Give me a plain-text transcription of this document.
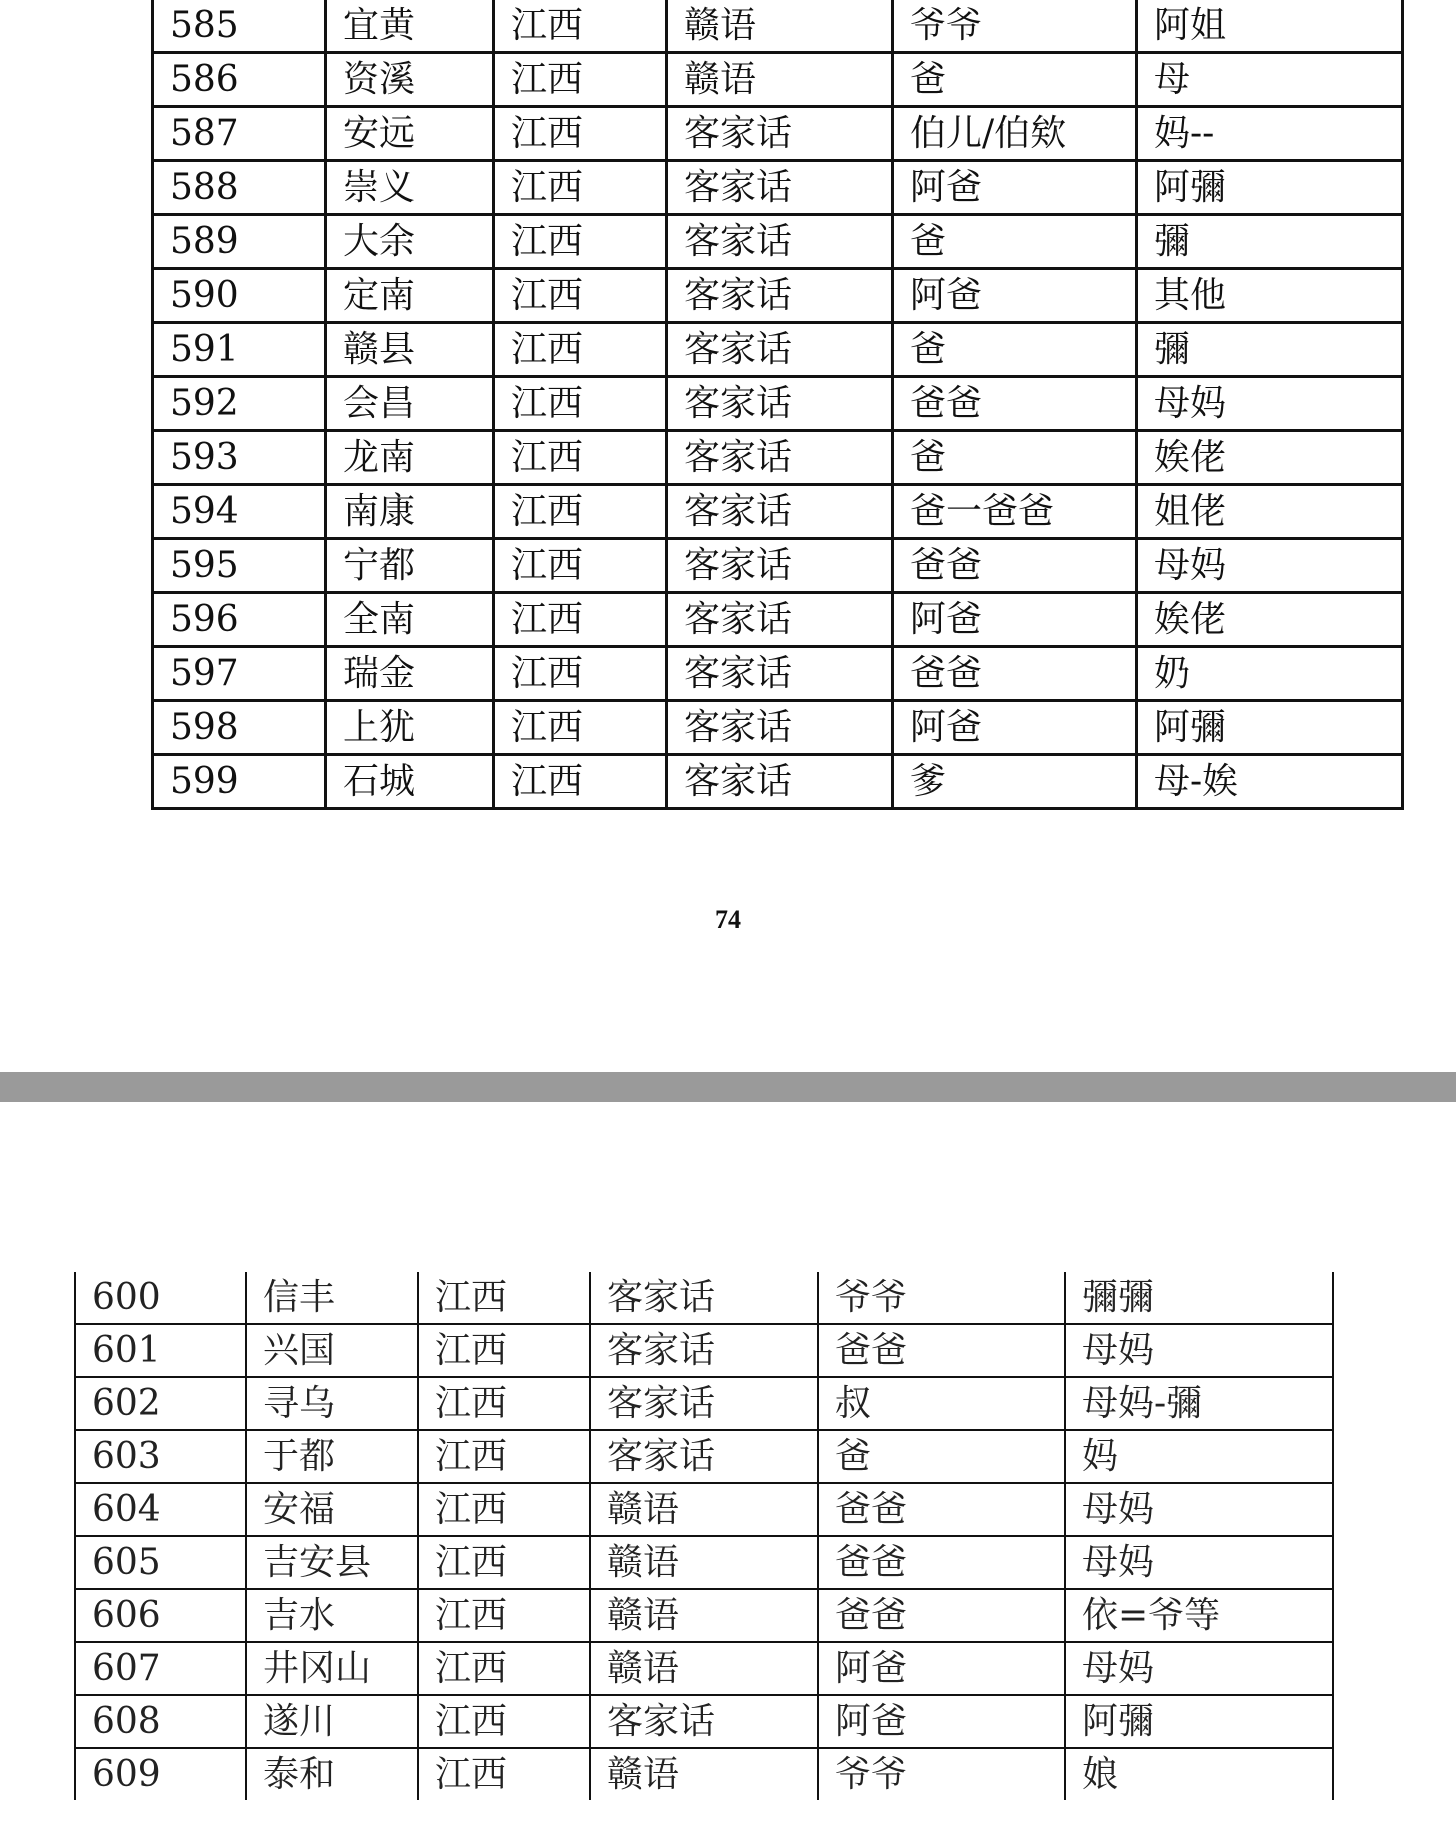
585	宜黄	江西	赣语	爷爷	阿姐
586	资溪	江西	赣语	爸	母
587	安远	江西	客家话	伯儿/伯欸	妈--
588	崇义	江西	客家话	阿爸	阿彌
589	大余	江西	客家话	爸	彌
590	定南	江西	客家话	阿爸	其他
591	赣县	江西	客家话	爸	彌
592	会昌	江西	客家话	爸爸	母妈
593	龙南	江西	客家话	爸	娭佬
594	南康	江西	客家话	爸一爸爸	姐佬
595	宁都	江西	客家话	爸爸	母妈
596	全南	江西	客家话	阿爸	娭佬
597	瑞金	江西	客家话	爸爸	奶
598	上犹	江西	客家话	阿爸	阿彌
599	石城	江西	客家话	爹	母-娭
74
600	信丰	江西	客家话	爷爷	彌彌
601	兴国	江西	客家话	爸爸	母妈
602	寻乌	江西	客家话	叔	母妈-彌
603	于都	江西	客家话	爸	妈
604	安福	江西	赣语	爸爸	母妈
605	吉安县	江西	赣语	爸爸	母妈
606	吉水	江西	赣语	爸爸	依=爷等
607	井冈山	江西	赣语	阿爸	母妈
608	遂川	江西	客家话	阿爸	阿彌
609	泰和	江西	赣语	爷爷	娘
